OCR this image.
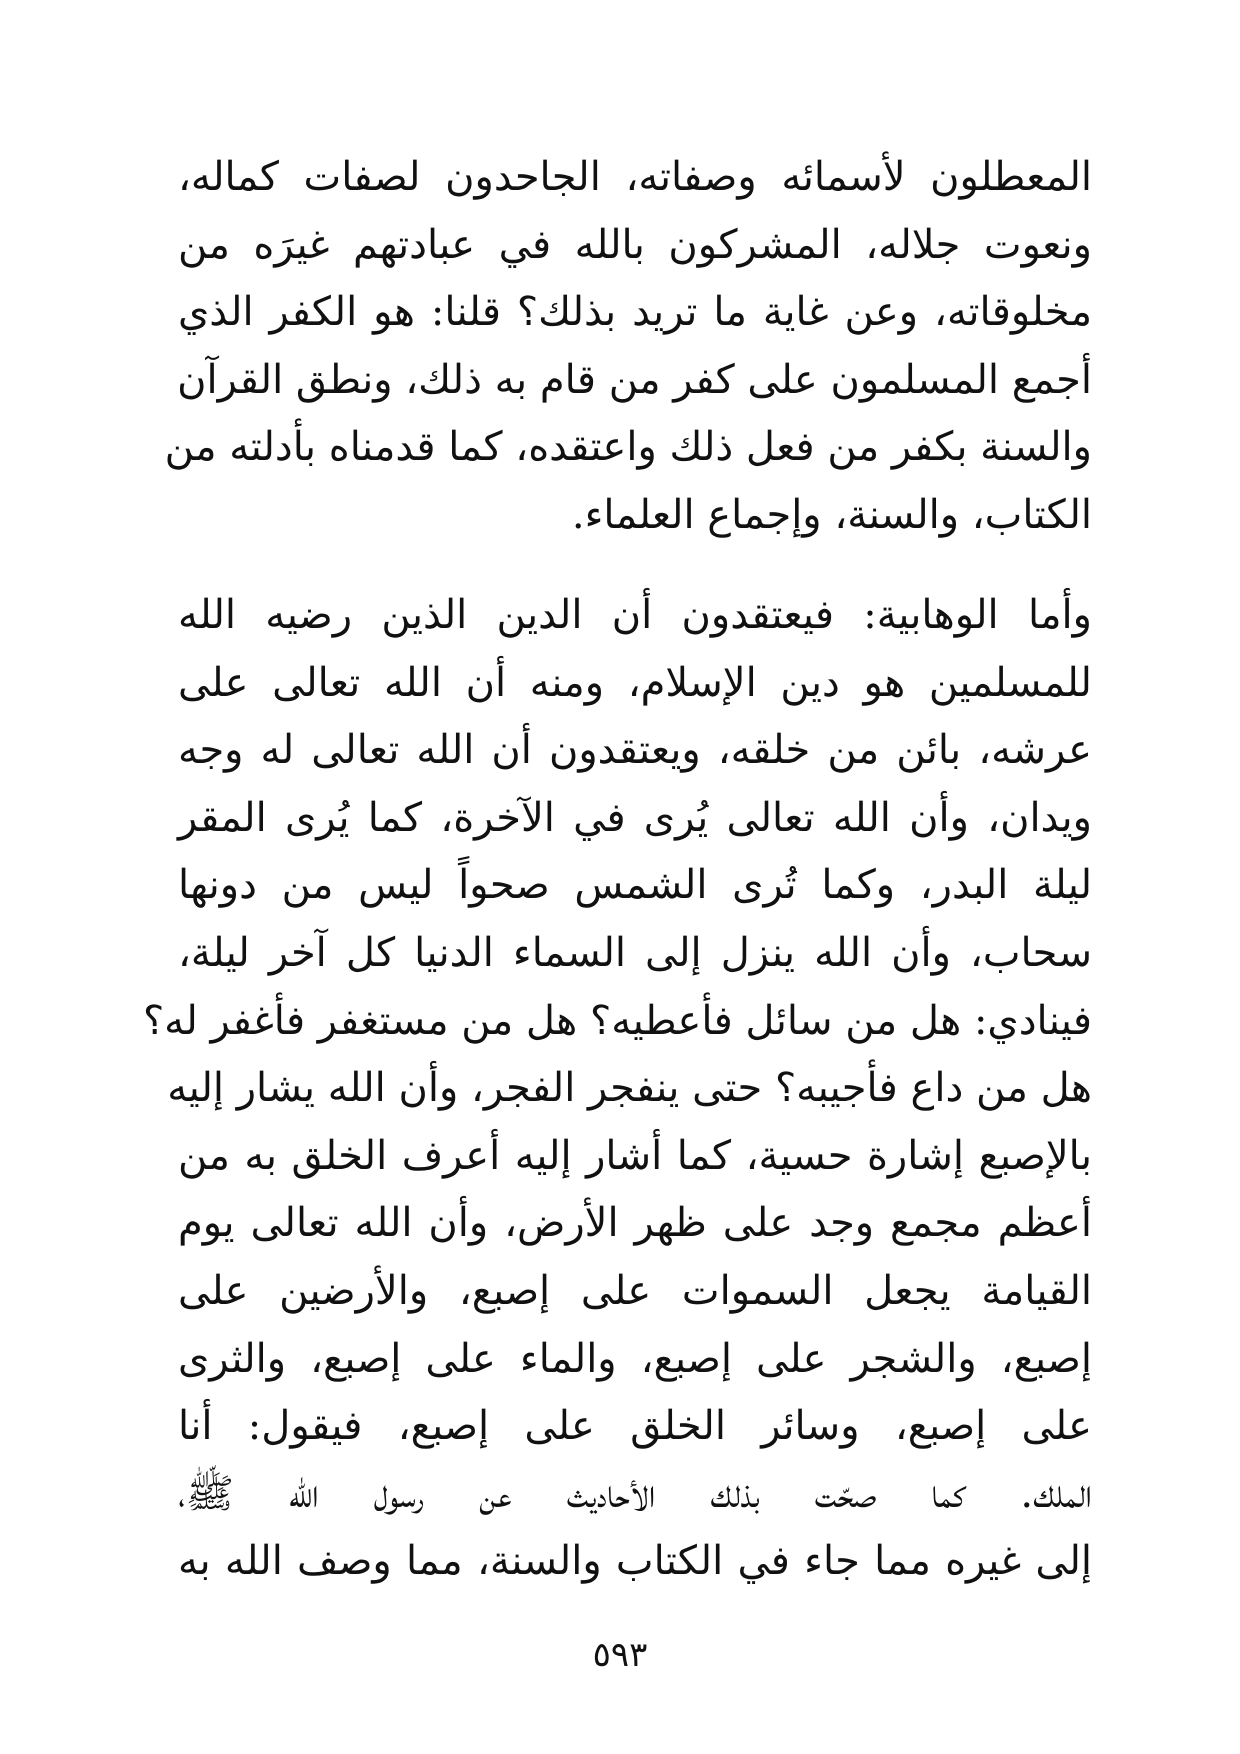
المعطلون لأسمائه وصفاته، الجاحدون لصفات كماله،
ونعوت جلاله، المشركون بالله في عبادتهم غيرَه من
مخلوقاته، وعن غاية ما تريد بذلك؟ قلنا: هو الكفر الذي
أجمع المسلمون على كفر من قام به ذلك، ونطق القرآن
والسنة بكفر من فعل ذلك واعتقده، كما قدمناه بأدلته من
الكتاب، والسنة، وإجماع العلماء.
وأما الوهابية: فيعتقدون أن الدين الذين رضيه الله
للمسلمين هو دين الإسلام، ومنه أن الله تعالى على
عرشه، بائن من خلقه، ويعتقدون أن الله تعالى له وجه
ويدان، وأن الله تعالى يُرى في الآخرة، كما يُرى المقر
ليلة البدر، وكما تُرى الشمس صحواً ليس من دونها
سحاب، وأن الله ينزل إلى السماء الدنيا كل آخر ليلة،
فينادي: هل من سائل فأعطيه؟ هل من مستغفر فأغفر له؟
هل من داع فأجيبه؟ حتى ينفجر الفجر، وأن الله يشار إليه
بالإصبع إشارة حسية، كما أشار إليه أعرف الخلق به من
أعظم مجمع وجد على ظهر الأرض، وأن الله تعالى يوم
القيامة يجعل السموات على إصبع، والأرضين على
إصبع، والشجر على إصبع، والماء على إصبع، والثرى
على إصبع، وسائر الخلق على إصبع، فيقول: أنا
الملك. كما صحّت بذلك الأحاديث عن رسول الله ﷺ،
إلى غيره مما جاء في الكتاب والسنة، مما وصف الله به
٥٩٣
